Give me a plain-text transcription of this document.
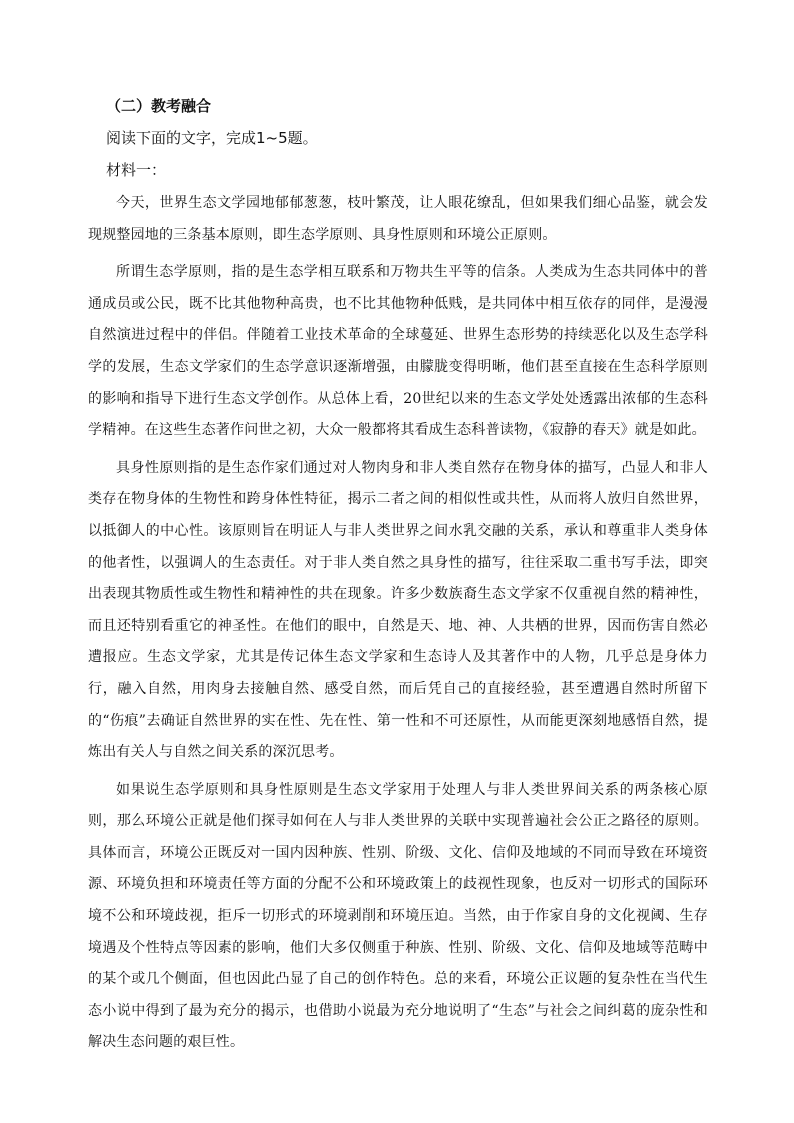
（二）教考融合
阅读下面的文字，完成1~5题。
材料一：

今天，世界生态文学园地郁郁葱葱，枝叶繁茂，让人眼花缭乱，但如果我们细心品鉴，就会发现规整园地的三条基本原则，即生态学原则、具身性原则和环境公正原则。

所谓生态学原则，指的是生态学相互联系和万物共生平等的信条。人类成为生态共同体中的普通成员或公民，既不比其他物种高贵，也不比其他物种低贱，是共同体中相互依存的同伴，是漫漫自然演进过程中的伴侣。伴随着工业技术革命的全球蔓延、世界生态形势的持续恶化以及生态学科学的发展，生态文学家们的生态学意识逐渐增强，由朦胧变得明晰，他们甚至直接在生态科学原则的影响和指导下进行生态文学创作。从总体上看，20世纪以来的生态文学处处透露出浓郁的生态科学精神。在这些生态著作问世之初，大众一般都将其看成生态科普读物，《寂静的春天》就是如此。

具身性原则指的是生态作家们通过对人物肉身和非人类自然存在物身体的描写，凸显人和非人类存在物身体的生物性和跨身体性特征，揭示二者之间的相似性或共性，从而将人放归自然世界，以抵御人的中心性。该原则旨在明证人与非人类世界之间水乳交融的关系，承认和尊重非人类身体的他者性，以强调人的生态责任。对于非人类自然之具身性的描写，往往采取二重书写手法，即突出表现其物质性或生物性和精神性的共在现象。许多少数族裔生态文学家不仅重视自然的精神性，而且还特别看重它的神圣性。在他们的眼中，自然是天、地、神、人共栖的世界，因而伤害自然必遭报应。生态文学家，尤其是传记体生态文学家和生态诗人及其著作中的人物，几乎总是身体力行，融入自然，用肉身去接触自然、感受自然，而后凭自己的直接经验，甚至遭遇自然时所留下的“伤痕”去确证自然世界的实在性、先在性、第一性和不可还原性，从而能更深刻地感悟自然，提炼出有关人与自然之间关系的深沉思考。

如果说生态学原则和具身性原则是生态文学家用于处理人与非人类世界间关系的两条核心原则，那么环境公正就是他们探寻如何在人与非人类世界的关联中实现普遍社会公正之路径的原则。具体而言，环境公正既反对一国内因种族、性别、阶级、文化、信仰及地域的不同而导致在环境资源、环境负担和环境责任等方面的分配不公和环境政策上的歧视性现象，也反对一切形式的国际环境不公和环境歧视，拒斥一切形式的环境剥削和环境压迫。当然，由于作家自身的文化视阈、生存境遇及个性特点等因素的影响，他们大多仅侧重于种族、性别、阶级、文化、信仰及地域等范畴中的某个或几个侧面，但也因此凸显了自己的创作特色。总的来看，环境公正议题的复杂性在当代生态小说中得到了最为充分的揭示，也借助小说最为充分地说明了“生态”与社会之间纠葛的庞杂性和解决生态问题的艰巨性。
